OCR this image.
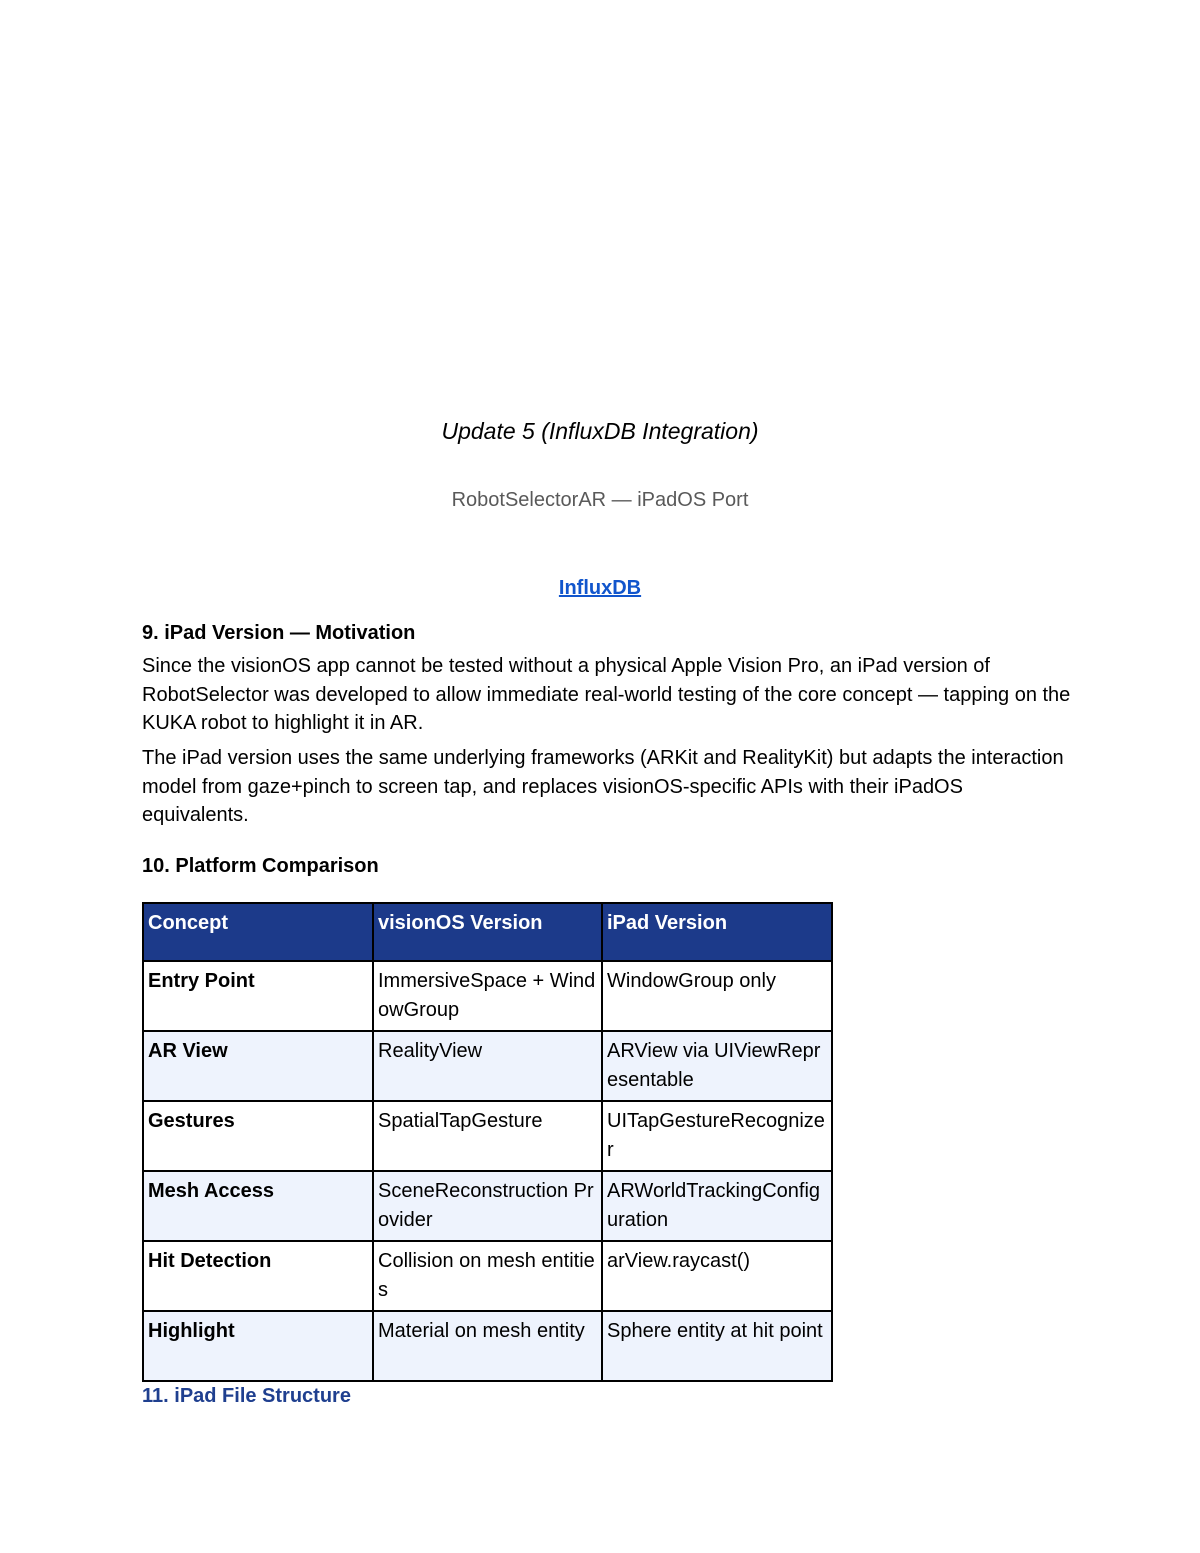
Update 5 (InfluxDB Integration)
RobotSelectorAR — iPadOS Port
InfluxDB
9. iPad Version — Motivation

Since the visionOS app cannot be tested without a physical Apple Vision Pro, an iPad version of RobotSelector was developed to allow immediate real-world testing of the core concept — tapping on the KUKA robot to highlight it in AR.

The iPad version uses the same underlying frameworks (ARKit and RealityKit) but adapts the interaction model from gaze+pinch to screen tap, and replaces visionOS-specific APIs with their iPadOS equivalents.

10. Platform Comparison
Concept	visionOS Version	iPad Version
Entry Point	ImmersiveSpace + WindowGroup	WindowGroup only
AR View	RealityView	ARView via UIViewRepresentable
Gestures	SpatialTapGesture	UITapGestureRecognizer
Mesh Access	SceneReconstruction Provider	ARWorldTrackingConfiguration
Hit Detection	Collision on mesh entities	arView.raycast()
Highlight	Material on mesh entity	Sphere entity at hit point
11. iPad File Structure
